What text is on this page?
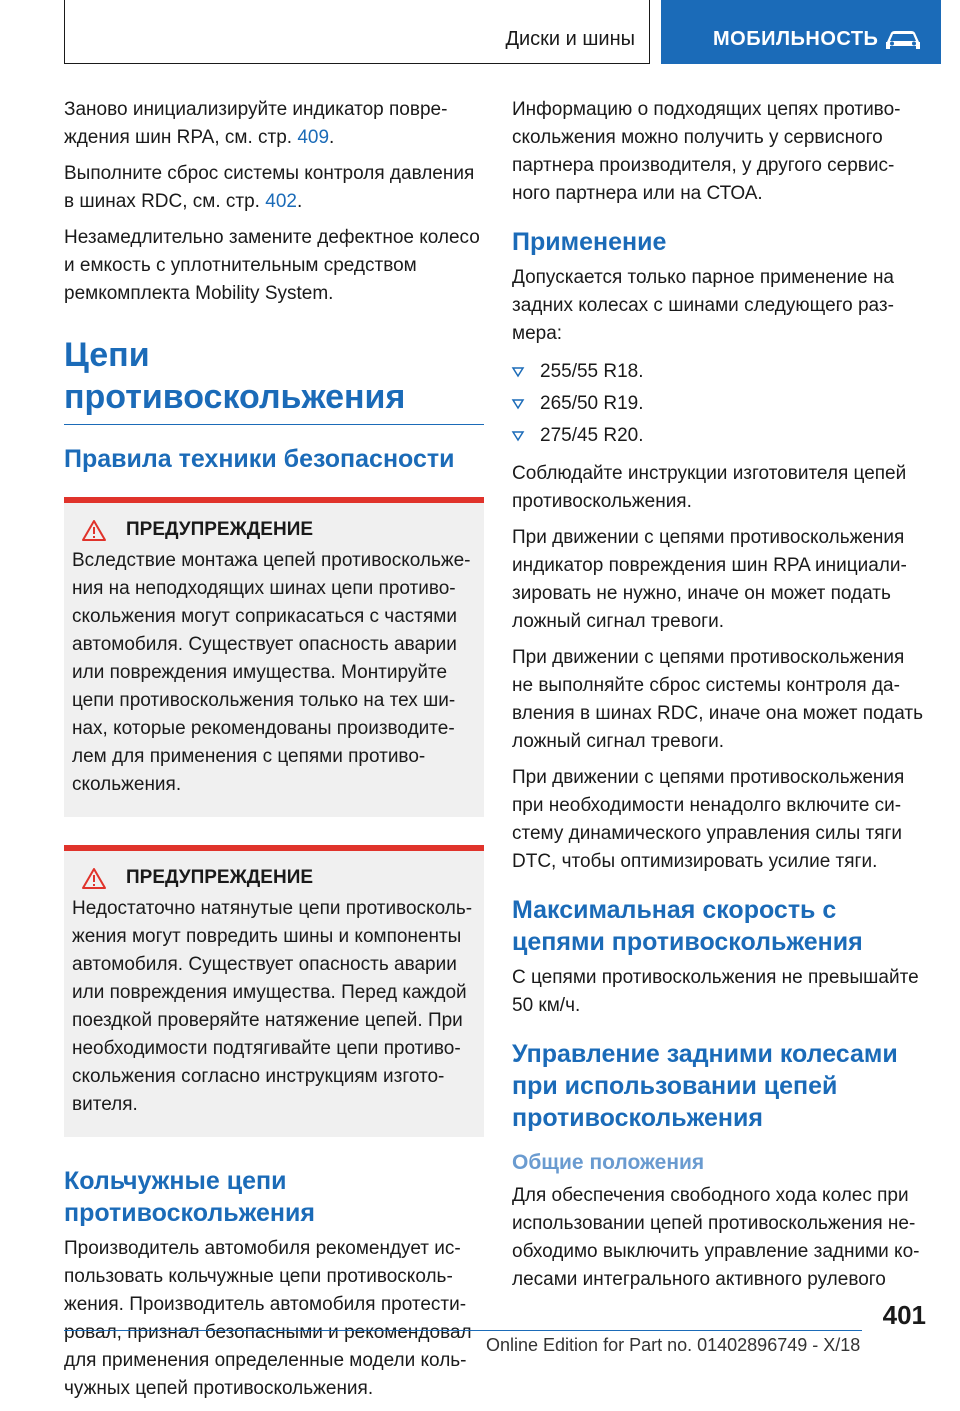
Диски и шины	МОБИЛЬНОСТЬ

Заново инициализируйте индикатор повре-ждения шин RPA, см. стр. 409.

Выполните сброс системы контроля давления в шинах RDC, см. стр. 402.

Незамедлительно замените дефектное колесо и емкость с уплотнительным средством ремкомплекта Mobility System.

Цепи противоскольжения
Правила техники безопасности
ПРЕДУПРЕЖДЕНИЕ

Вследствие монтажа цепей противоскольже-ния на неподходящих шинах цепи противо-скольжения могут соприкасаться с частями автомобиля. Существует опасность аварии или повреждения имущества. Монтируйте цепи противоскольжения только на тех ши-нах, которые рекомендованы производите-лем для применения с цепями противо-скольжения.

ПРЕДУПРЕЖДЕНИЕ

Недостаточно натянутые цепи противосколь-жения могут повредить шины и компоненты автомобиля. Существует опасность аварии или повреждения имущества. Перед каждой поездкой проверяйте натяжение цепей. При необходимости подтягивайте цепи противо-скольжения согласно инструкциям изгото-вителя.

Кольчужные цепи противоскольжения

Производитель автомобиля рекомендует ис-пользовать кольчужные цепи противосколь-жения. Производитель автомобиля протести-ровал, признал безопасными и рекомендовал для применения определенные модели коль-чужных цепей противоскольжения.

Информацию о подходящих цепях противо-скольжения можно получить у сервисного партнера производителя, у другого сервис-ного партнера или на СТОА.

Применение

Допускается только парное применение на задних колесах с шинами следующего раз-мера:

255/55 R18.
265/50 R19.
275/45 R20.

Соблюдайте инструкции изготовителя цепей противоскольжения.

При движении с цепями противоскольжения индикатор повреждения шин RPA инициали-зировать не нужно, иначе он может подать ложный сигнал тревоги.

При движении с цепями противоскольжения не выполняйте сброс системы контроля да-вления в шинах RDC, иначе она может подать ложный сигнал тревоги.

При движении с цепями противоскольжения при необходимости ненадолго включите си-стему динамического управления силы тяги DTC, чтобы оптимизировать усилие тяги.

Максимальная скорость с цепями противоскольжения

С цепями противоскольжения не превышайте 50 км/ч.

Управление задними колесами при использовании цепей противоскольжения
Общие положения

Для обеспечения свободного хода колес при использовании цепей противоскольжения не-обходимо выключить управление задними ко-лесами интегрального активного рулевого

401
Online Edition for Part no. 01402896749 - X/18
